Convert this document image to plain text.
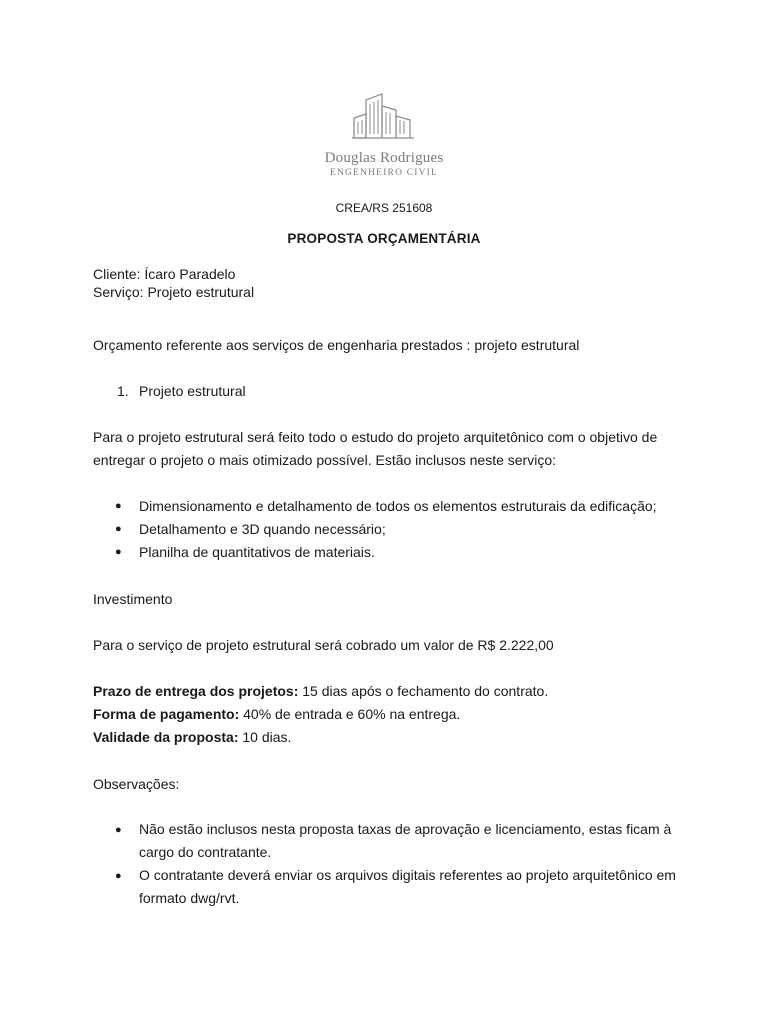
Douglas Rodrigues
ENGENHEIRO CIVIL
CREA/RS 251608
PROPOSTA ORÇAMENTÁRIA
Cliente: Ícaro Paradelo
Serviço: Projeto estrutural
Orçamento referente aos serviços de engenharia prestados : projeto estrutural
1. Projeto estrutural
Para o projeto estrutural será feito todo o estudo do projeto arquitetônico com o objetivo de entregar o projeto o mais otimizado possível. Estão inclusos neste serviço:
● Dimensionamento e detalhamento de todos os elementos estruturais da edificação;
● Detalhamento e 3D quando necessário;
● Planilha de quantitativos de materiais.
Investimento
Para o serviço de projeto estrutural será cobrado um valor de R$ 2.222,00
Prazo de entrega dos projetos: 15 dias após o fechamento do contrato.
Forma de pagamento: 40% de entrada e 60% na entrega.
Validade da proposta: 10 dias.
Observações:
● Não estão inclusos nesta proposta taxas de aprovação e licenciamento, estas ficam à cargo do contratante.
● O contratante deverá enviar os arquivos digitais referentes ao projeto arquitetônico em formato dwg/rvt.
